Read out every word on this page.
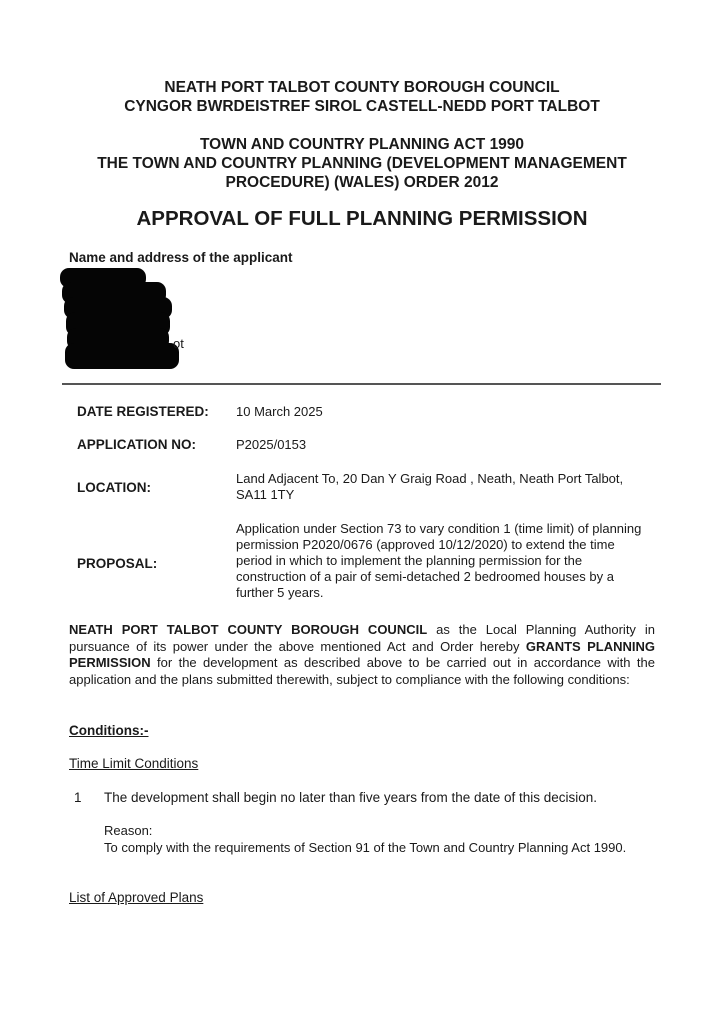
NEATH PORT TALBOT COUNTY BOROUGH COUNCIL
CYNGOR BWRDEISTREF SIROL CASTELL-NEDD PORT TALBOT
TOWN AND COUNTRY PLANNING ACT 1990
THE TOWN AND COUNTRY PLANNING (DEVELOPMENT MANAGEMENT
PROCEDURE) (WALES) ORDER 2012
APPROVAL OF FULL PLANNING PERMISSION
Name and address of the applicant
ot
DATE REGISTERED: 10 March 2025
APPLICATION NO:	P2025/0153
LOCATION:
Land Adjacent To, 20 Dan Y Graig Road , Neath, Neath Port Talbot, SA11 1TY
PROPOSAL:
Application under Section 73 to vary condition 1 (time limit) of planning permission P2020/0676 (approved 10/12/2020) to extend the time period in which to implement the planning permission for the construction of a pair of semi-detached 2 bedroomed houses by a further 5 years.
NEATH PORT TALBOT COUNTY BOROUGH COUNCIL as the Local Planning Authority in pursuance of its power under the above mentioned Act and Order hereby GRANTS PLANNING PERMISSION for the development as described above to be carried out in accordance with the application and the plans submitted therewith, subject to compliance with the following conditions:
Conditions:-
Time Limit Conditions
1 The development shall begin no later than five years from the date of this decision.
Reason:
To comply with the requirements of Section 91 of the Town and Country Planning Act 1990.
List of Approved Plans
